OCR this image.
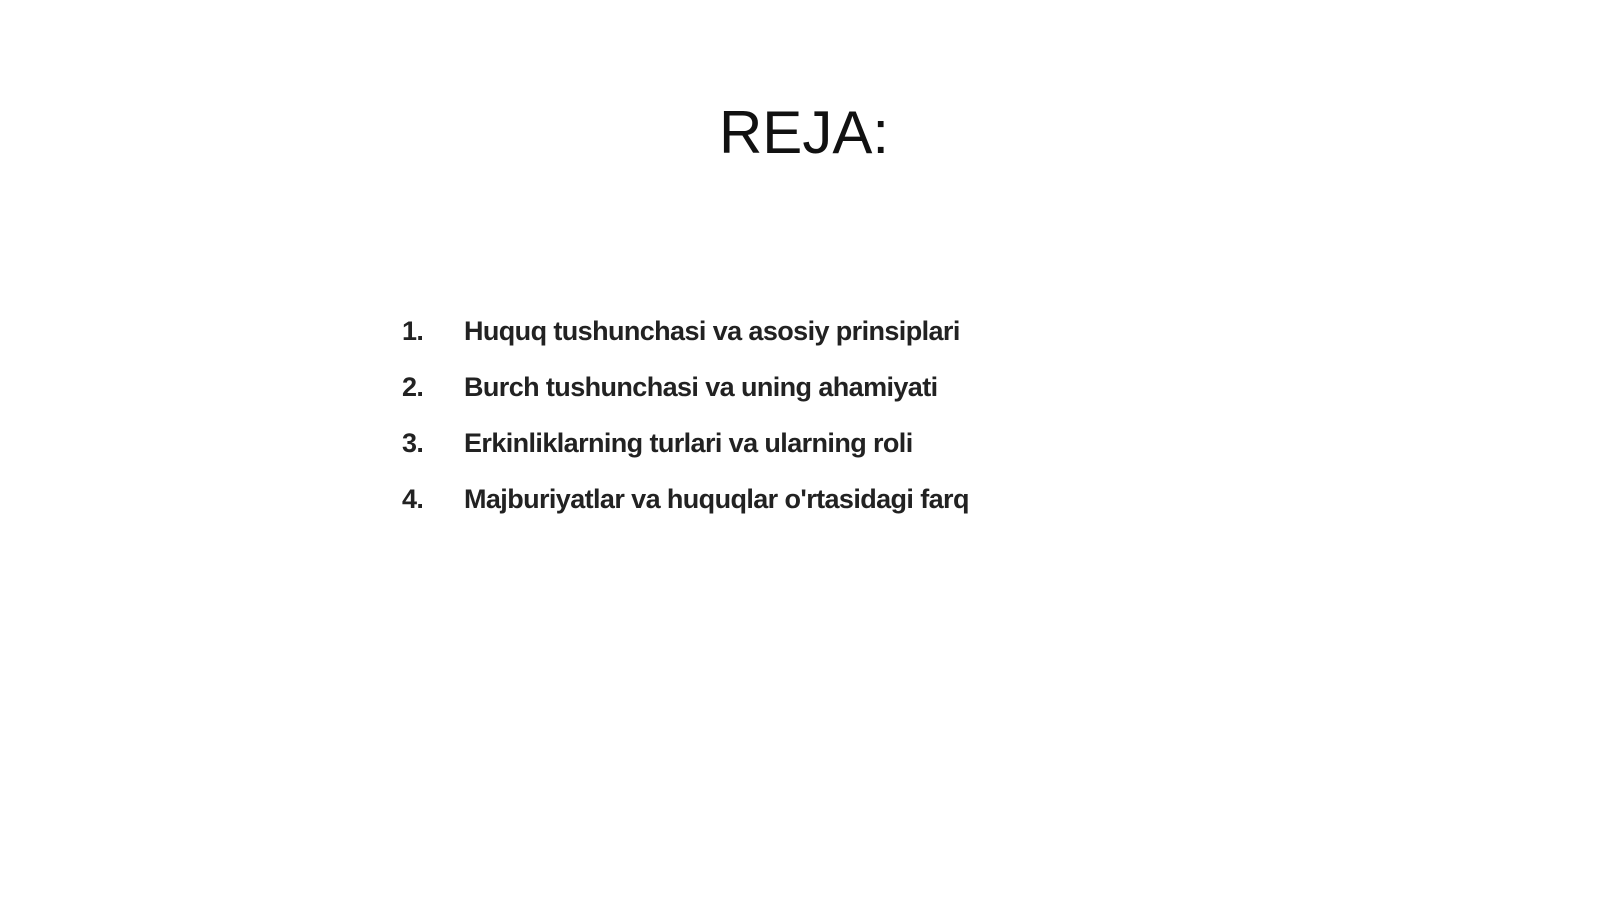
REJA:
1.	Huquq tushunchasi va asosiy prinsiplari
2.	Burch tushunchasi va uning ahamiyati
3.	Erkinliklarning turlari va ularning roli
4.	Majburiyatlar va huquqlar o'rtasidagi farq
